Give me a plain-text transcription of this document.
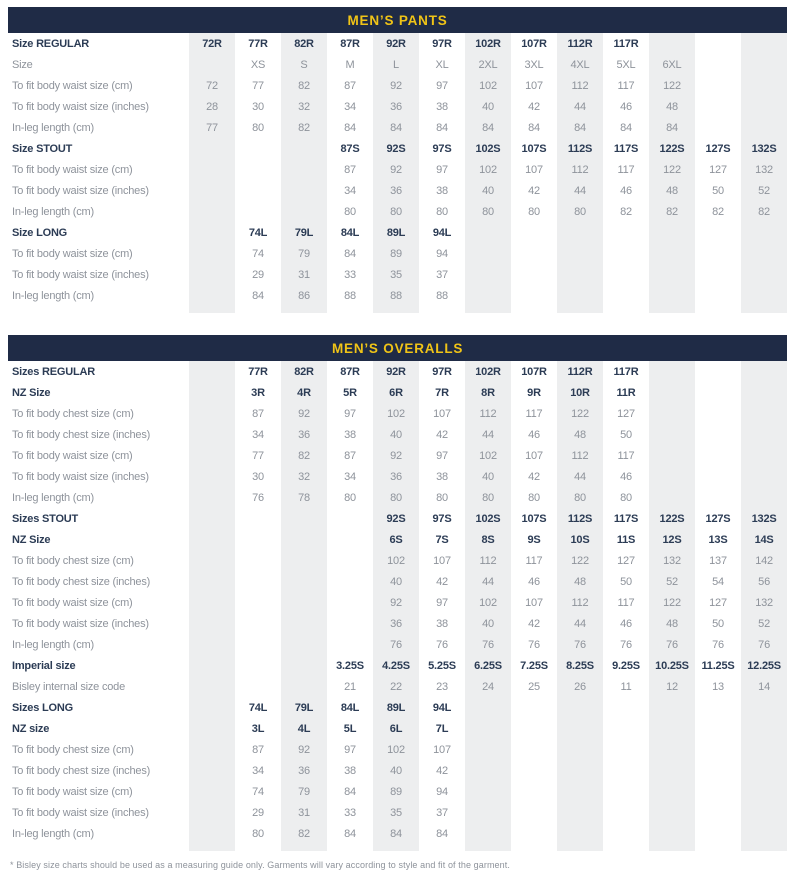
MEN’S PANTS													
Size REGULAR	72R	77R	82R	87R	92R	97R	102R	107R	112R	117R			
Size		XS	S	M	L	XL	2XL	3XL	4XL	5XL	6XL		
To fit body waist size (cm)	72	77	82	87	92	97	102	107	112	117	122		
To fit body waist size (inches)	28	30	32	34	36	38	40	42	44	46	48		
In-leg length (cm)	77	80	82	84	84	84	84	84	84	84	84		
Size STOUT				87S	92S	97S	102S	107S	112S	117S	122S	127S	132S
To fit body waist size (cm)				87	92	97	102	107	112	117	122	127	132
To fit body waist size (inches)				34	36	38	40	42	44	46	48	50	52
In-leg length (cm)				80	80	80	80	80	80	82	82	82	82
Size LONG		74L	79L	84L	89L	94L							
To fit body waist size (cm)		74	79	84	89	94							
To fit body waist size (inches)		29	31	33	35	37							
In-leg length (cm)		84	86	88	88	88							

MEN’S OVERALLS													
Sizes REGULAR		77R	82R	87R	92R	97R	102R	107R	112R	117R			
NZ Size		3R	4R	5R	6R	7R	8R	9R	10R	11R			
To fit body chest size (cm)		87	92	97	102	107	112	117	122	127			
To fit body chest size (inches)		34	36	38	40	42	44	46	48	50			
To fit body waist size (cm)		77	82	87	92	97	102	107	112	117			
To fit body waist size (inches)		30	32	34	36	38	40	42	44	46			
In-leg length (cm)		76	78	80	80	80	80	80	80	80			
Sizes STOUT					92S	97S	102S	107S	112S	117S	122S	127S	132S
NZ Size					6S	7S	8S	9S	10S	11S	12S	13S	14S
To fit body chest size (cm)					102	107	112	117	122	127	132	137	142
To fit body chest size (inches)					40	42	44	46	48	50	52	54	56
To fit body waist size (cm)					92	97	102	107	112	117	122	127	132
To fit body waist size (inches)					36	38	40	42	44	46	48	50	52
In-leg length (cm)					76	76	76	76	76	76	76	76	76
Imperial size				3.25S	4.25S	5.25S	6.25S	7.25S	8.25S	9.25S	10.25S	11.25S	12.25S
Bisley internal size code				21	22	23	24	25	26	11	12	13	14
Sizes LONG		74L	79L	84L	89L	94L							
NZ size		3L	4L	5L	6L	7L							
To fit body chest size (cm)		87	92	97	102	107							
To fit body chest size (inches)		34	36	38	40	42							
To fit body waist size (cm)		74	79	84	89	94							
To fit body waist size (inches)		29	31	33	35	37							
In-leg length (cm)		80	82	84	84	84							

* Bisley size charts should be used as a measuring guide only. Garments will vary according to style and fit of the garment.
